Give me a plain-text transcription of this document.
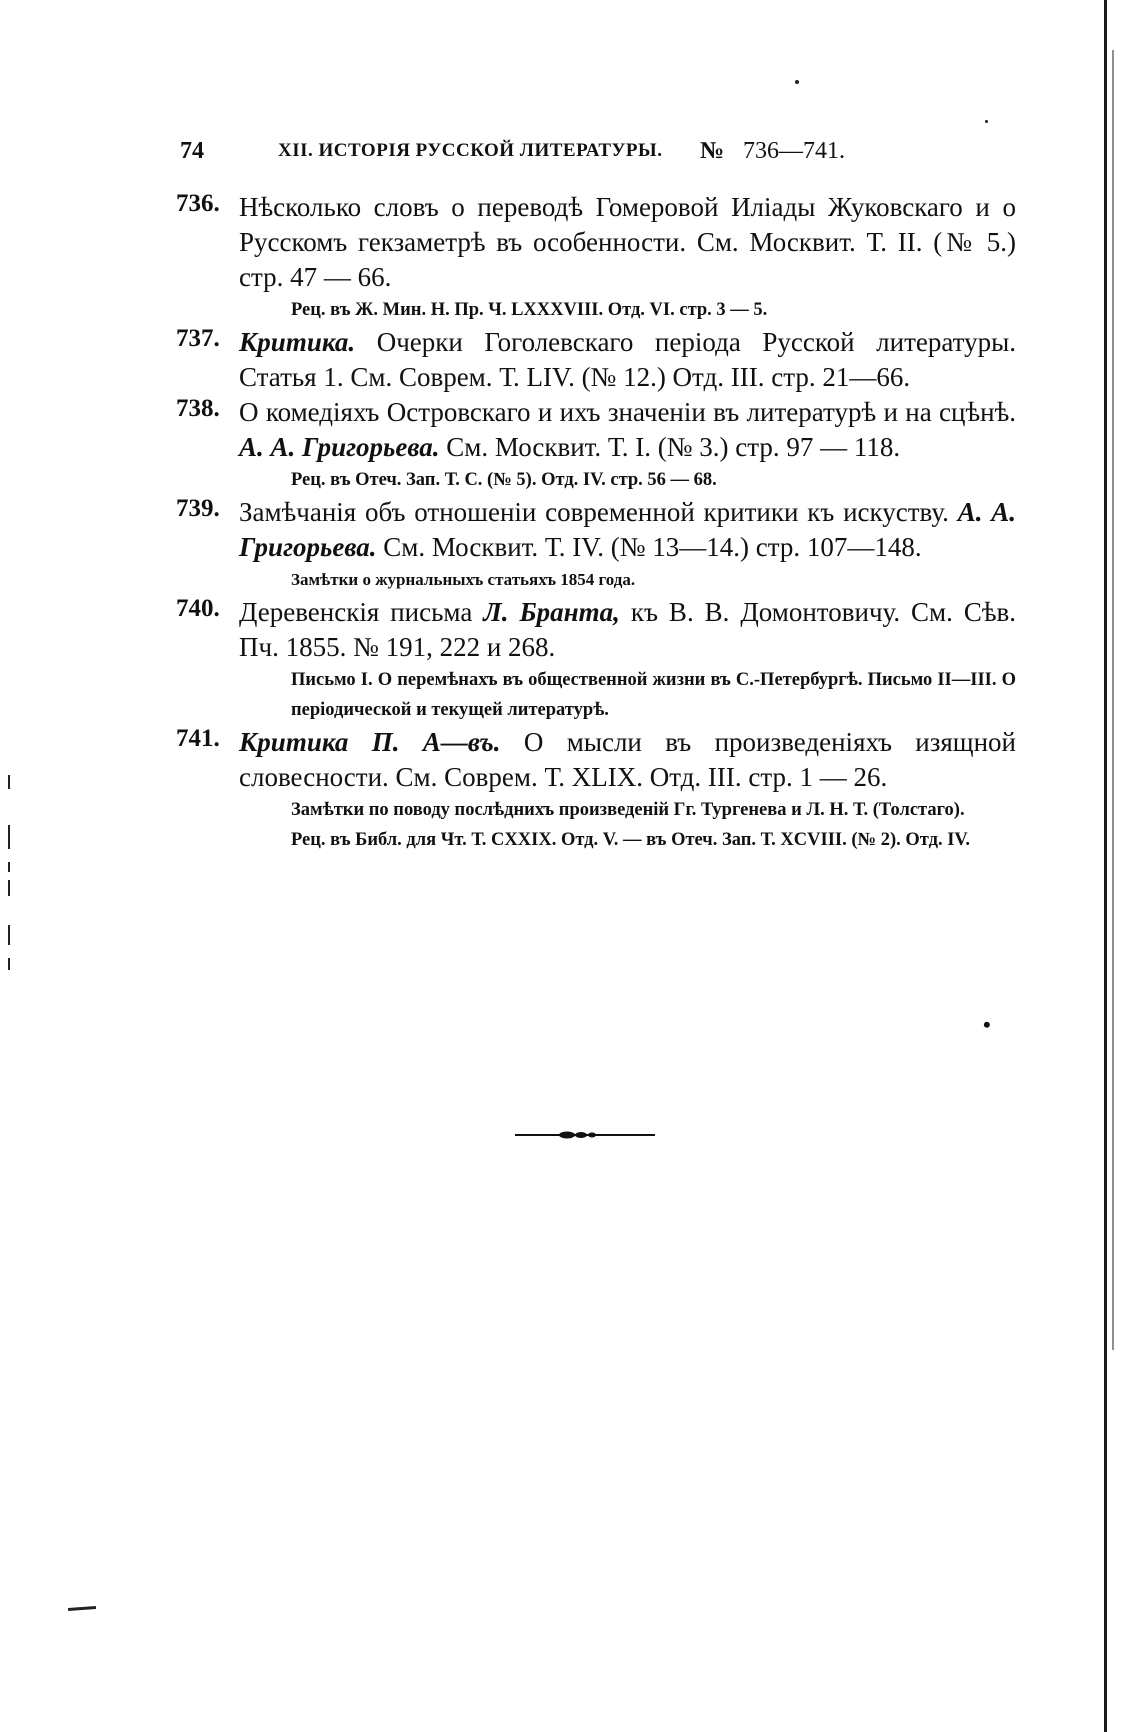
74	XII. ИСТОРІЯ РУССКОЙ ЛИТЕРАТУРЫ. № 736—741.
736. Нѣсколько словъ о переводѣ Гомеровой Иліады Жуковскаго и о Русскомъ гекзаметрѣ въ особенности. См. Москвит. Т. II. (№ 5.) стр. 47 — 66.
Рец. въ Ж. Мин. Н. Пр. Ч. LXXXVIII. Отд. VI. стр. 3 — 5.
737. Критика. Очерки Гоголевскаго періода Русской литературы. Статья 1. См. Соврем. Т. LIV. (№ 12.) Отд. III. стр. 21—66.
738. О комедіяхъ Островскаго и ихъ значеніи въ литературѣ и на сцѣнѣ. А. А. Григорьева. См. Москвит. Т. I. (№ 3.) стр. 97 — 118.
Рец. въ Отеч. Зап. Т. С. (№ 5). Отд. IV. стр. 56 — 68.
739. Замѣчанія объ отношеніи современной критики къ искуству. А. А. Григорьева. См. Москвит. Т. IV. (№ 13—14.) стр. 107—148.
Замѣтки о журнальныхъ статьяхъ 1854 года.
740. Деревенскія письма Л. Бранта, къ В. В. Домонтовичу. См. Сѣв. Пч. 1855. № 191, 222 и 268.
Письмо I. О перемѣнахъ въ общественной жизни въ С.-Петербургѣ. Письмо II—III. О періодической и текущей литературѣ.
741. Критика П. А—въ. О мысли въ произведеніяхъ изящной словесности. См. Соврем. Т. XLIX. Отд. III. стр. 1 — 26.
Замѣтки по поводу послѣднихъ произведеній Гг. Тургенева и Л. Н. Т. (Толстаго).
Рец. въ Библ. для Чт. Т. CXXIX. Отд. V. — въ Отеч. Зап. Т. XCVIII. (№ 2). Отд. IV.
•
